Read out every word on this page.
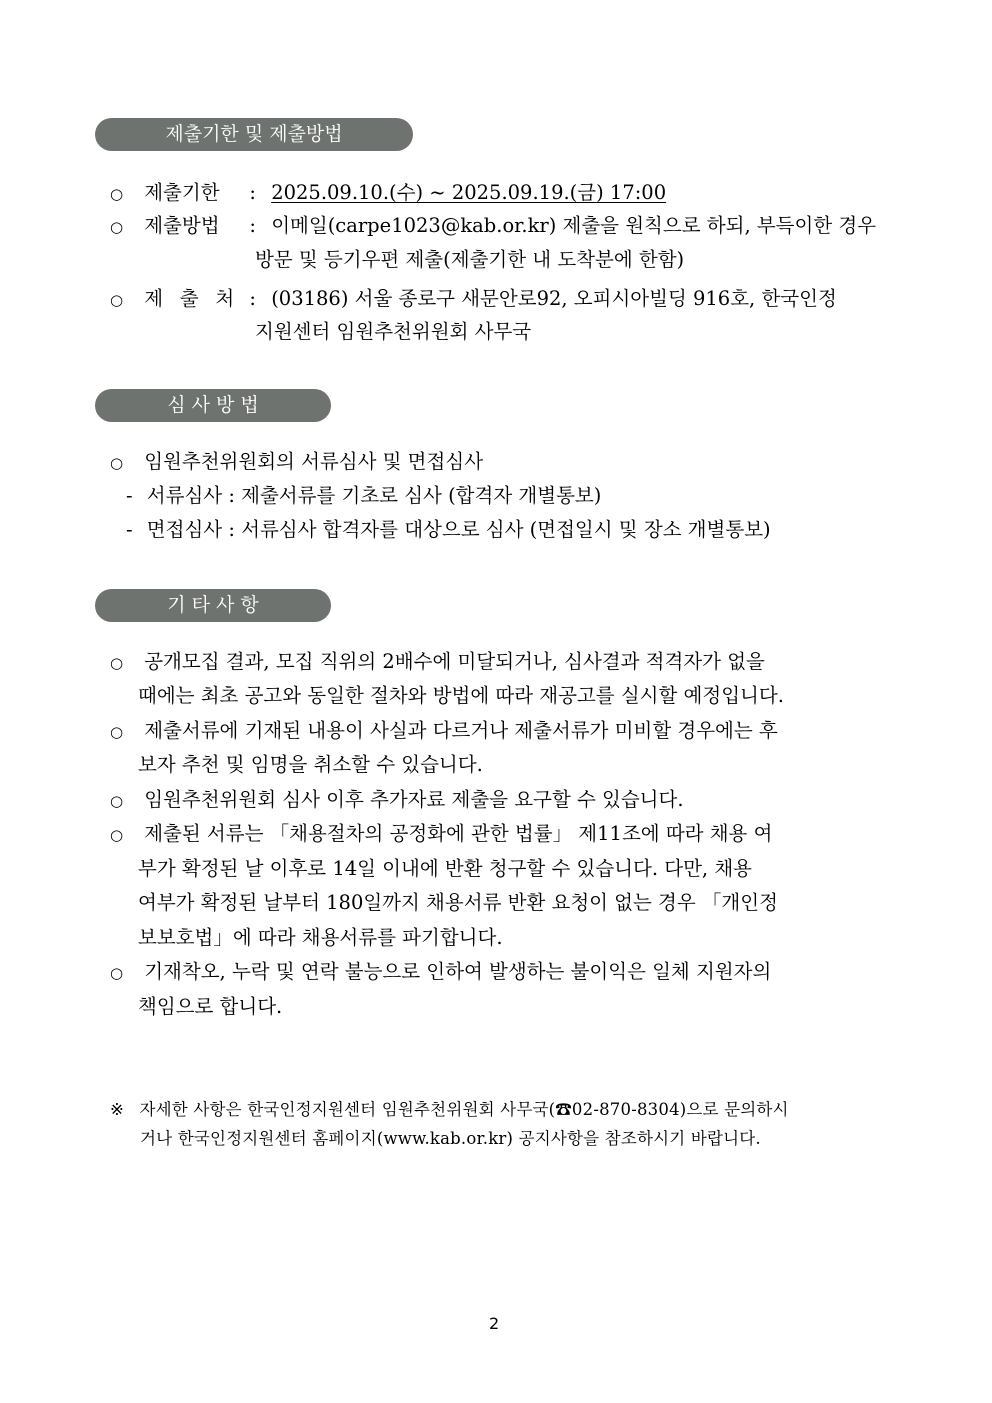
제출기한 및 제출방법
○ 제출기한 : 2025.09.10.(수) ~ 2025.09.19.(금) 17:00
○ 제출방법 : 이메일(carpe1023@kab.or.kr) 제출을 원칙으로 하되, 부득이한 경우
방문 및 등기우편 제출(제출기한 내 도착분에 한함)
○ 제 출 처 : (03186) 서울 종로구 새문안로92, 오피시아빌딩 916호, 한국인정
지원센터 임원추천위원회 사무국
심 사 방 법
○ 임원추천위원회의 서류심사 및 면접심사
- 서류심사 : 제출서류를 기초로 심사 (합격자 개별통보)
- 면접심사 : 서류심사 합격자를 대상으로 심사 (면접일시 및 장소 개별통보)
기 타 사 항
○ 공개모집 결과, 모집 직위의 2배수에 미달되거나, 심사결과 적격자가 없을
때에는 최초 공고와 동일한 절차와 방법에 따라 재공고를 실시할 예정입니다.
○ 제출서류에 기재된 내용이 사실과 다르거나 제출서류가 미비할 경우에는 후
보자 추천 및 임명을 취소할 수 있습니다.
○ 임원추천위원회 심사 이후 추가자료 제출을 요구할 수 있습니다.
○ 제출된 서류는 「채용절차의 공정화에 관한 법률」 제11조에 따라 채용 여
부가 확정된 날 이후로 14일 이내에 반환 청구할 수 있습니다. 다만, 채용
여부가 확정된 날부터 180일까지 채용서류 반환 요청이 없는 경우 「개인정
보보호법」에 따라 채용서류를 파기합니다.
○ 기재착오, 누락 및 연락 불능으로 인하여 발생하는 불이익은 일체 지원자의
책임으로 합니다.
※ 자세한 사항은 한국인정지원센터 임원추천위원회 사무국(☎02-870-8304)으로 문의하시
거나 한국인정지원센터 홈페이지(www.kab.or.kr) 공지사항을 참조하시기 바랍니다.
2
